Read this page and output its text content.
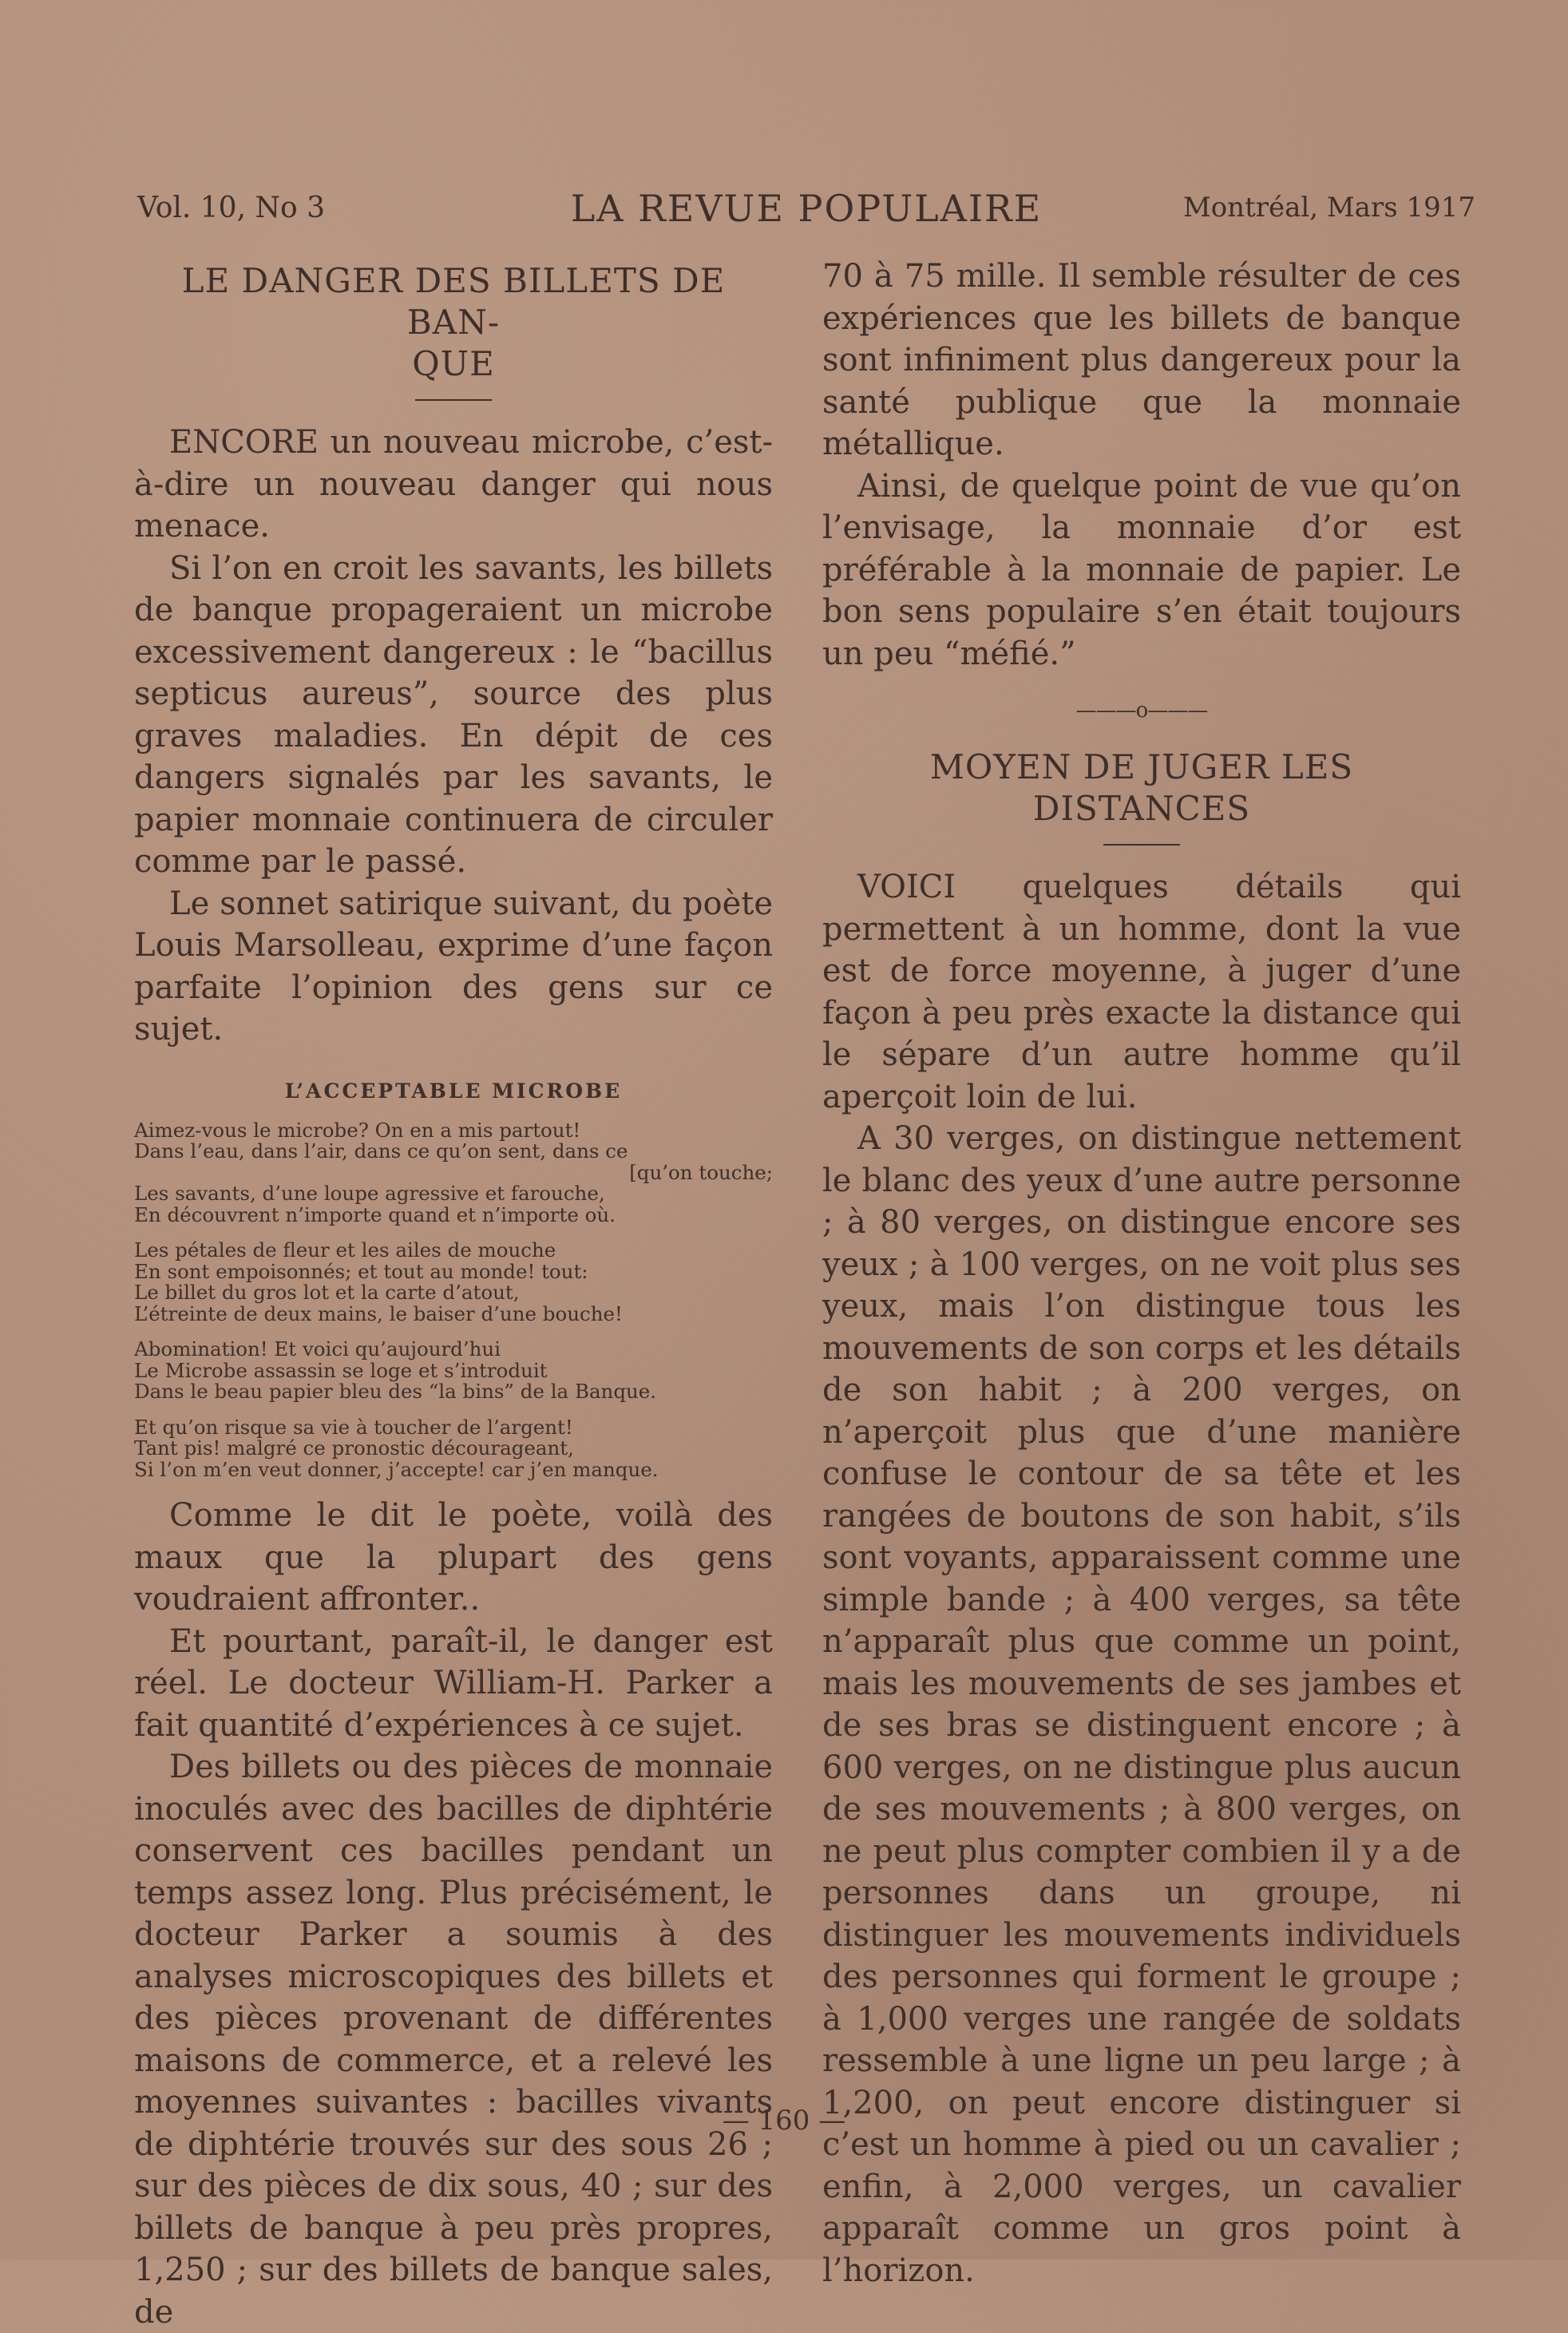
Vol. 10, No 3	LA REVUE POPULAIRE	Montréal, Mars 1917
LE DANGER DES BILLETS DE BAN-
QUE

ENCORE un nouveau microbe, c’est-à-dire un nouveau danger qui nous menace.

Si l’on en croit les savants, les billets de banque propageraient un microbe excessivement dangereux : le “bacillus septicus aureus”, source des plus graves maladies. En dépit de ces dangers signalés par les savants, le papier monnaie continuera de circuler comme par le passé.

Le sonnet satirique suivant, du poète Louis Marsolleau, exprime d’une façon parfaite l’opinion des gens sur ce sujet.

L’ACCEPTABLE MICROBE

Aimez-vous le microbe? On en a mis partout!

Dans l’eau, dans l’air, dans ce qu’on sent, dans ce

[qu’on touche;

Les savants, d’une loupe agressive et farouche,

En découvrent n’importe quand et n’importe où.

Les pétales de fleur et les ailes de mouche

En sont empoisonnés; et tout au monde! tout:

Le billet du gros lot et la carte d’atout,

L’étreinte de deux mains, le baiser d’une bouche!

Abomination! Et voici qu’aujourd’hui

Le Microbe assassin se loge et s’introduit

Dans le beau papier bleu des “la bins” de la Banque.

Et qu’on risque sa vie à toucher de l’argent!

Tant pis! malgré ce pronostic décourageant,

Si l’on m’en veut donner, j’accepte! car j’en manque.

Comme le dit le poète, voilà des maux que la plupart des gens voudraient affronter..

Et pourtant, paraît-il, le danger est réel. Le docteur William-H. Parker a fait quantité d’expériences à ce sujet.

Des billets ou des pièces de monnaie inoculés avec des bacilles de diphtérie conservent ces bacilles pendant un temps assez long. Plus précisément, le docteur Parker a soumis à des analyses microscopiques des billets et des pièces provenant de différentes maisons de commerce, et a relevé les moyennes suivantes : bacilles vivants de diphtérie trouvés sur des sous 26 ; sur des pièces de dix sous, 40 ; sur des billets de banque à peu près propres, 1,250 ; sur des billets de banque sales, de

70 à 75 mille. Il semble résulter de ces expériences que les billets de banque sont infiniment plus dangereux pour la santé publique que la monnaie métallique.

Ainsi, de quelque point de vue qu’on l’envisage, la monnaie d’or est préférable à la monnaie de papier. Le bon sens populaire s’en était toujours un peu “méfié.”

———o———
MOYEN DE JUGER LES DISTANCES

VOICI quelques détails qui permettent à un homme, dont la vue est de force moyenne, à juger d’une façon à peu près exacte la distance qui le sépare d’un autre homme qu’il aperçoit loin de lui.

A 30 verges, on distingue nettement le blanc des yeux d’une autre personne ; à 80 verges, on distingue encore ses yeux ; à 100 verges, on ne voit plus ses yeux, mais l’on distingue tous les mouvements de son corps et les détails de son habit ; à 200 verges, on n’aperçoit plus que d’une manière confuse le contour de sa tête et les rangées de boutons de son habit, s’ils sont voyants, apparaissent comme une simple bande ; à 400 verges, sa tête n’apparaît plus que comme un point, mais les mouvements de ses jambes et de ses bras se distinguent encore ; à 600 verges, on ne distingue plus aucun de ses mouvements ; à 800 verges, on ne peut plus compter combien il y a de personnes dans un groupe, ni distinguer les mouvements individuels des personnes qui forment le groupe ; à 1,000 verges une rangée de soldats ressemble à une ligne un peu large ; à 1,200, on peut encore distinguer si c’est un homme à pied ou un cavalier ; enfin, à 2,000 verges, un cavalier apparaît comme un gros point à l’horizon.

— 160 —
